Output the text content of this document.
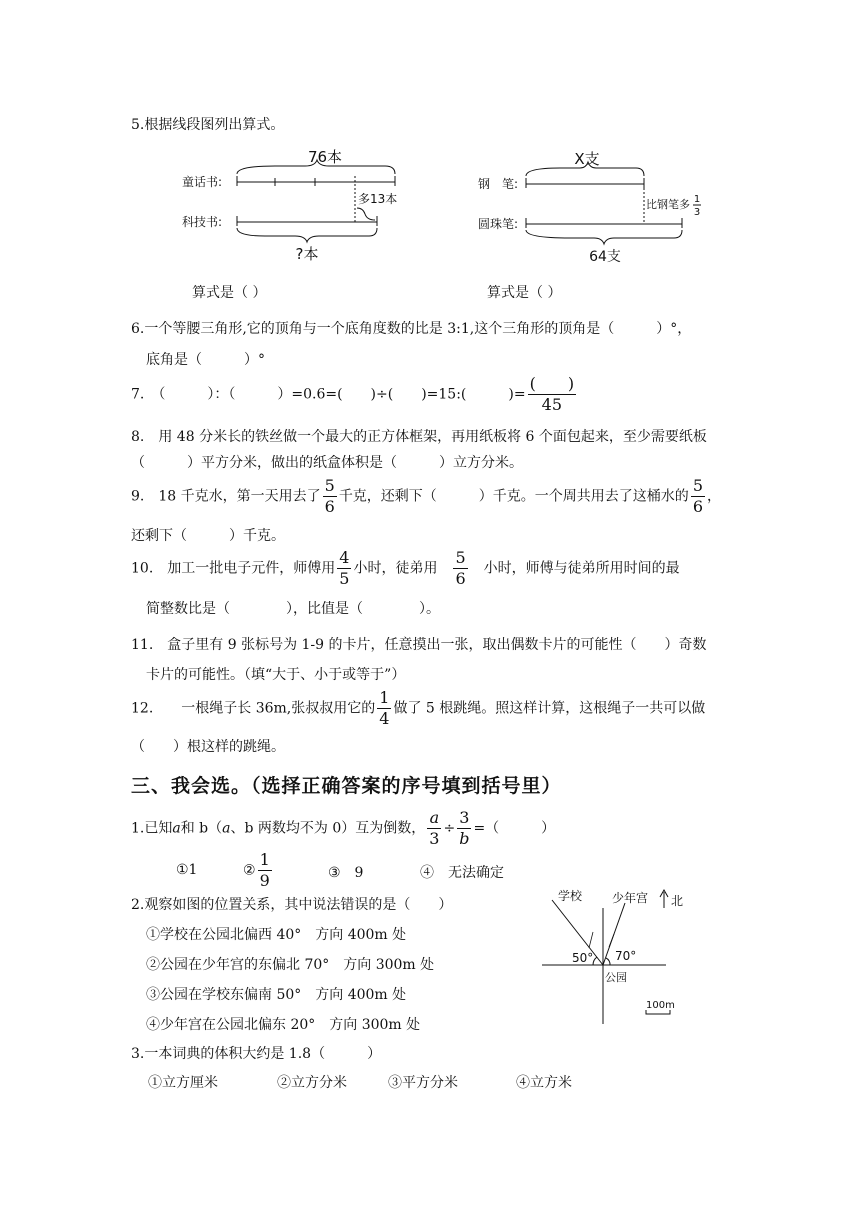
5.根据线段图列出算式。
76本
童话书:
多13本
科技书:
?本
X支
钢　笔:
比钢笔多 1
3
圆珠笔:
64支
算式是（ ）	算式是（ ）
6.一个等腰三角形,它的顶角与一个底角度数的比是 3:1,这个三角形的顶角是（　　　）°，
底角是（　　　）°
7.　（　　　）：（　　　）=0.6=(　　)÷(　　)=15:(　　　)= $\frac{( )}{45}$
8.　用 48 分米长的铁丝做一个最大的正方体框架，再用纸板将 6 个面包起来，至少需要纸板
（　　　）平方分米，做出的纸盒体积是（　　　）立方分米。
9.　18 千克水，第一天用去了 $\frac{5}{6}$ 千克，还剩下（　　　）千克。一个周共用去了这桶水的 $\frac{5}{6}$ ，
还剩下（　　　）千克。
10.　加工一批电子元件，师傅用 $\frac{4}{5}$ 小时，徒弟用　 $\frac{5}{6}$
　 小时，师傅与徒弟所用时间的最
简整数比是（　　　　），比值是（　　　　）。
11.　盒子里有 9 张标号为 1-9 的卡片，任意摸出一张，取出偶数卡片的可能性（　　）奇数
卡片的可能性。（填“大于、小于或等于”）
12.　　一根绳子长 36m,张叔叔用它的 $\frac{1}{4}$ 做了 5 根跳绳。照这样计算，这根绳子一共可以做
（　　）根这样的跳绳。
三、我会选。（选择正确答案的序号填到括号里）
1.已知a和 b（a、b 两数均不为 0）互为倒数， $\frac{a}{3} \div \frac{3}{b}$ =（　　　）
①1	② $\frac{1}{9}$	③　9	④　无法确定
2.观察如图的位置关系，其中说法错误的是（　　）
①学校在公园北偏西 40°　方向 400m 处
②公园在少年宫的东偏北 70°　方向 300m 处
③公园在学校东偏南 50°　方向 400m 处
④少年宫在公园北偏东 20°　方向 300m 处
学校 少年宫 北
50° 70°
公园
100m
3.一本词典的体积大约是 1.8（　　　）
①立方厘米	②立方分米	③平方分米	④立方米
